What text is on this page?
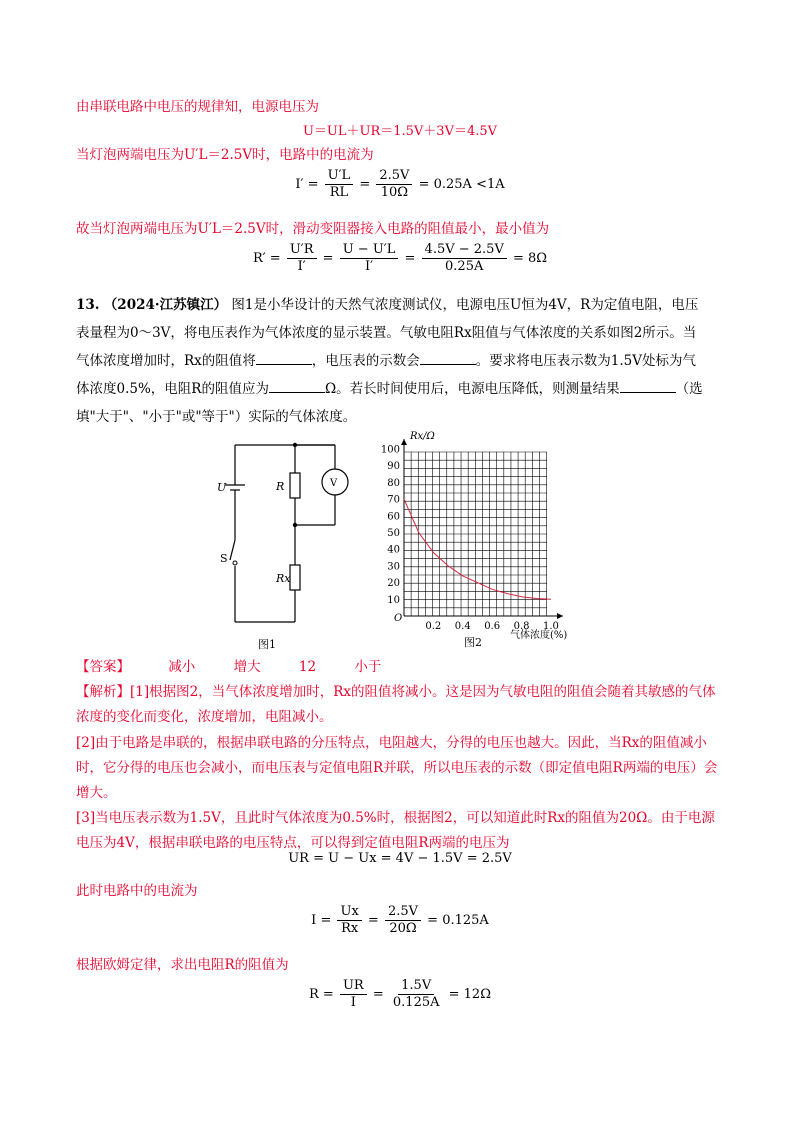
由串联电路中电压的规律知，电源电压为
U＝UL＋UR＝1.5V＋3V＝4.5V
当灯泡两端电压为U′L＝2.5V时，电路中的电流为
$I' = \frac{U'L}{RL} = \frac{2.5V}{10\Omega} = 0.25A <1A$
故当灯泡两端电压为U′L＝2.5V时，滑动变阻器接入电路的阻值最小，最小值为
$R' = \frac{U'R}{I'} = \frac{U - U'L}{I'} = \frac{4.5V - 2.5V}{0.25A} = 8\Omega$
13. （2024·江苏镇江） 图1是小华设计的天然气浓度测试仪，电源电压U恒为4V，R为定值电阻，电压
表量程为0～3V，将电压表作为气体浓度的显示装置。气敏电阻Rx阻值与气体浓度的关系如图2所示。当
气体浓度增加时，Rx的阻值将	，电压表的示数会	。要求将电压表示数为1.5V处标为气
体浓度0.5%，电阻R的阻值应为	Ω。若长时间使用后，电源电压降低，则测量结果	（选
填"大于"、"小于"或"等于"）实际的气体浓度。
U
S
R
Rx
V
图1
0.2 0.4 0.6 0.8 1.0
10
20
30
40
50
60
70
80
90
100
Rx/Ω
气体浓度(%)
O
图2
【答案】	减小	增大	12	小于
【解析】[1]根据图2，当气体浓度增加时，Rx的阻值将减小。这是因为气敏电阻的阻值会随着其敏感的气体浓度的变化而变化，浓度增加，电阻减小。
[2]由于电路是串联的，根据串联电路的分压特点，电阻越大，分得的电压也越大。因此，当Rx的阻值减小时，它分得的电压也会减小，而电压表与定值电阻R并联，所以电压表的示数（即定值电阻R两端的电压）会增大。
[3]当电压表示数为1.5V，且此时气体浓度为0.5%时，根据图2，可以知道此时Rx的阻值为20Ω。由于电源电压为4V，根据串联电路的电压特点，可以得到定值电阻R两端的电压为
UR = U − Ux = 4V − 1.5V = 2.5V
此时电路中的电流为
$I = \frac{Ux}{Rx} = \frac{2.5V}{20\Omega} = 0.125A$
根据欧姆定律，求出电阻R的阻值为
$R = \frac{UR}{I} = \frac{1.5V}{0.125A} = 12\Omega$
